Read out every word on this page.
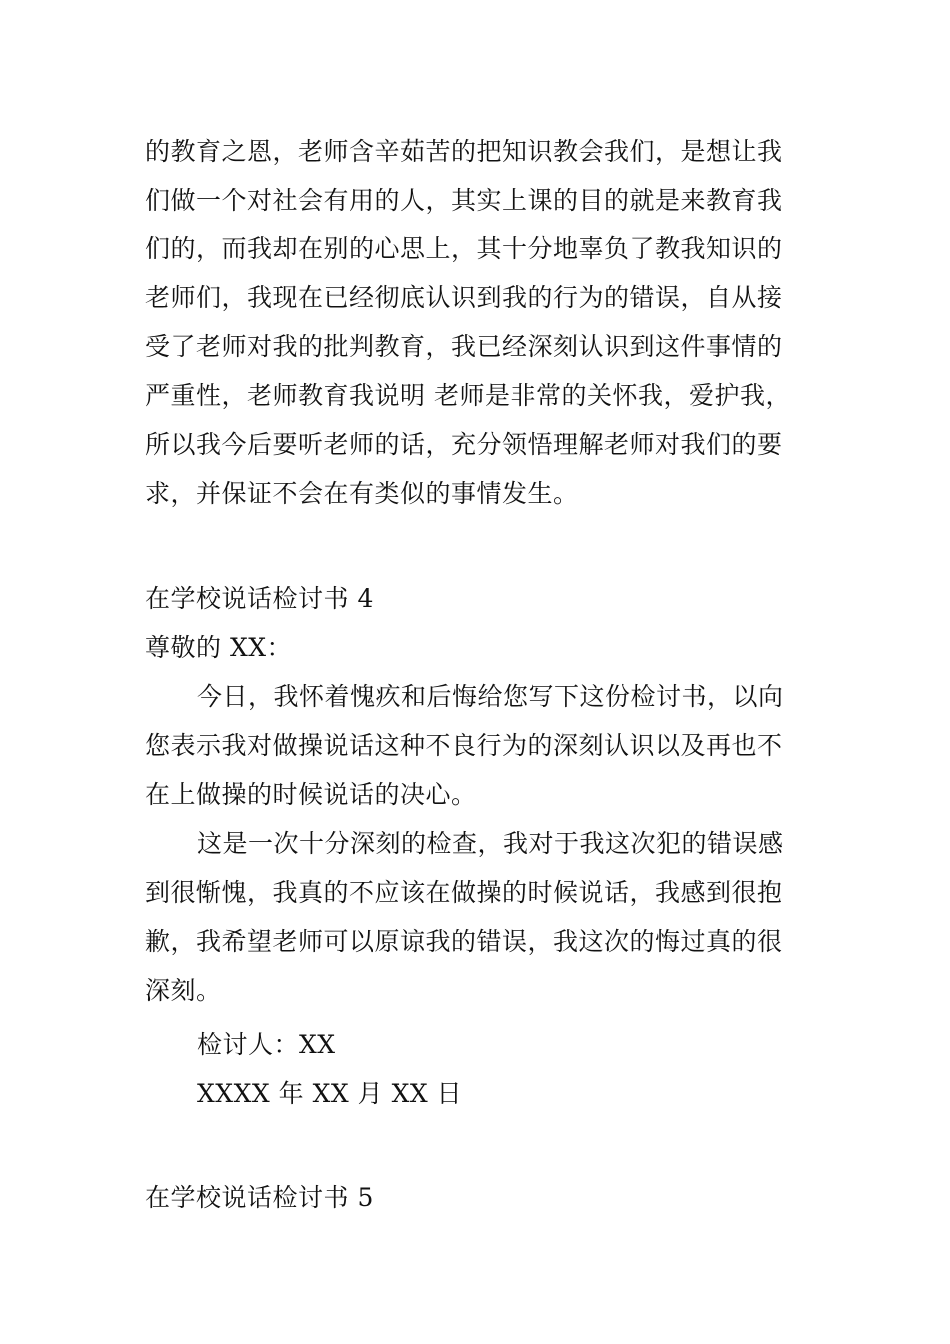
的教育之恩，老师含辛茹苦的把知识教会我们，是想让我
们做一个对社会有用的人，其实上课的目的就是来教育我
们的，而我却在别的心思上，其十分地辜负了教我知识的
老师们，我现在已经彻底认识到我的行为的错误，自从接
受了老师对我的批判教育，我已经深刻认识到这件事情的
严重性，老师教育我说明 老师是非常的关怀我，爱护我，
所以我今后要听老师的话，充分领悟理解老师对我们的要
求，并保证不会在有类似的事情发生。
在学校说话检讨书 4
尊敬的 XX：
今日，我怀着愧疚和后悔给您写下这份检讨书，以向
您表示我对做操说话这种不良行为的深刻认识以及再也不
在上做操的时候说话的决心。
这是一次十分深刻的检查，我对于我这次犯的错误感
到很惭愧，我真的不应该在做操的时候说话，我感到很抱
歉，我希望老师可以原谅我的错误，我这次的悔过真的很
深刻。
检讨人：XX
XXXX 年 XX 月 XX 日
在学校说话检讨书 5
